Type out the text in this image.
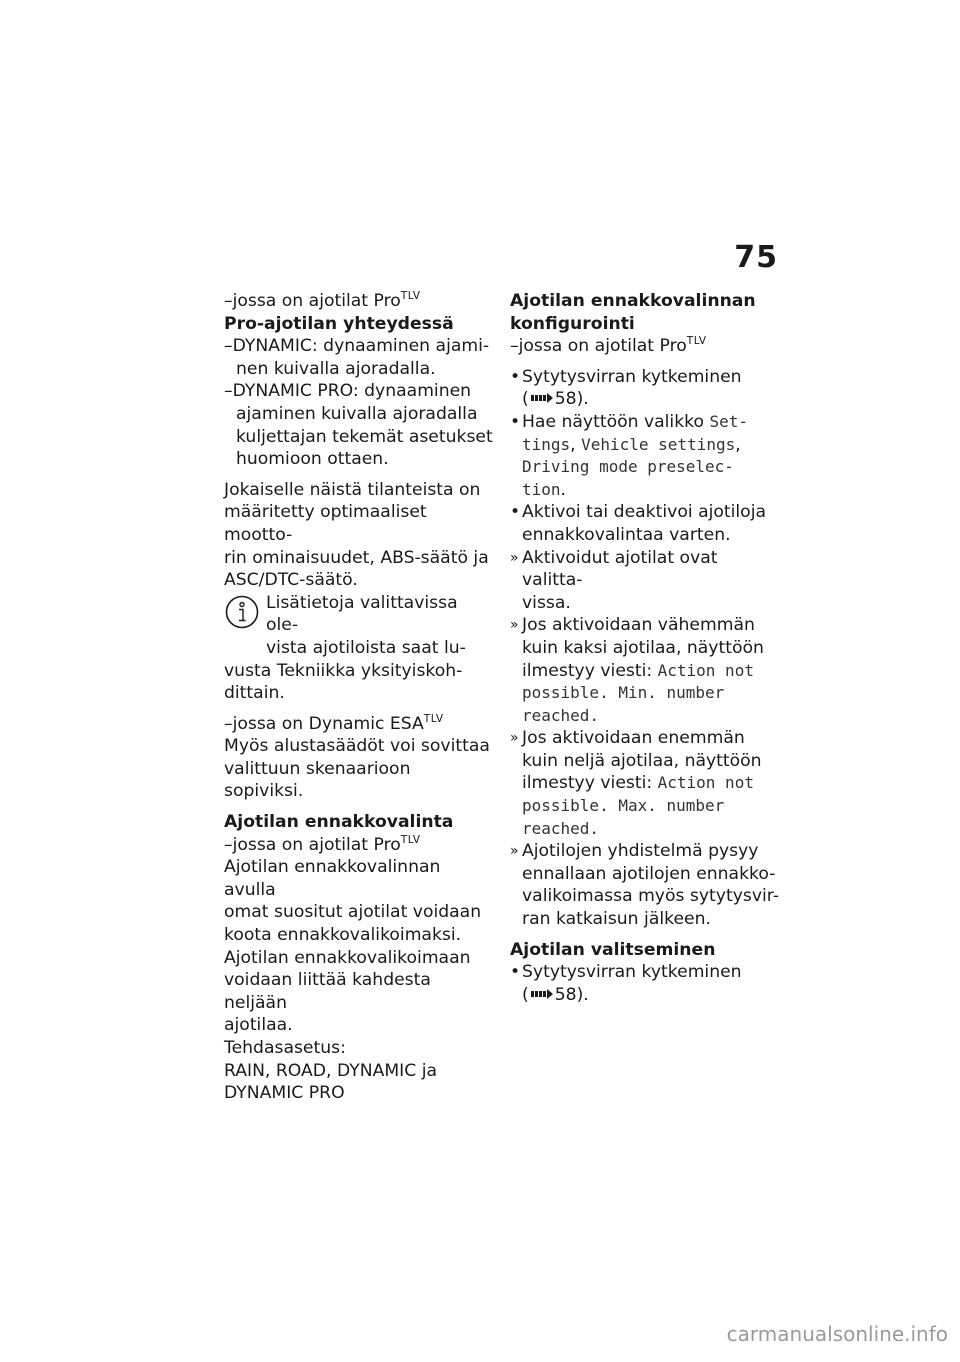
75

–jossa on ajotilat Pro$^{TLV}$

Pro-ajotilan yhteydessä

–DYNAMIC: dynaaminen ajami-
nen kuivalla ajoradalla.

–DYNAMIC PRO: dynaaminen
ajaminen kuivalla ajoradalla
kuljettajan tekemät asetukset
huomioon ottaen.

Jokaiselle näistä tilanteista on
määritetty optimaaliset mootto-
rin ominaisuudet, ABS-säätö ja
ASC/DTC-säätö.

Lisätietoja valittavissa ole-
vista ajotiloista saat lu-

vusta Tekniikka yksityiskoh-
dittain.

–jossa on Dynamic $ESA^{TLV}$

Myös alustasäädöt voi sovittaa
valittuun skenaarioon sopiviksi.

Ajotilan ennakkovalinta

–jossa on ajotilat Pro$^{TLV}$

Ajotilan ennakkovalinnan avulla
omat suositut ajotilat voidaan
koota ennakkovalikoimaksi.
Ajotilan ennakkovalikoimaan
voidaan liittää kahdesta neljään
ajotilaa.

Tehdasasetus:
RAIN, ROAD, DYNAMIC ja
DYNAMIC PRO

Ajotilan ennakkovalinnan
konfigurointi

–jossa on ajotilat Pro$^{TLV}$

• Sytytysvirran kytkeminen
( 58).
• Hae näyttöön valikko Set-
tings, Vehicle settings,
Driving mode preselec-
tion.
• Aktivoi tai deaktivoi ajotiloja
ennakkovalintaa varten.
» Aktivoidut ajotilat ovat valitta-
vissa.
» Jos aktivoidaan vähemmän
kuin kaksi ajotilaa, näyttöön
ilmestyy viesti: Action not
possible. Min. number
reached.
» Jos aktivoidaan enemmän
kuin neljä ajotilaa, näyttöön
ilmestyy viesti: Action not
possible. Max. number
reached.
» Ajotilojen yhdistelmä pysyy
ennallaan ajotilojen ennakko-
valikoimassa myös sytytysvir-
ran katkaisun jälkeen.

Ajotilan valitseminen

• Sytytysvirran kytkeminen
( 58).
carmanualsonline.info
